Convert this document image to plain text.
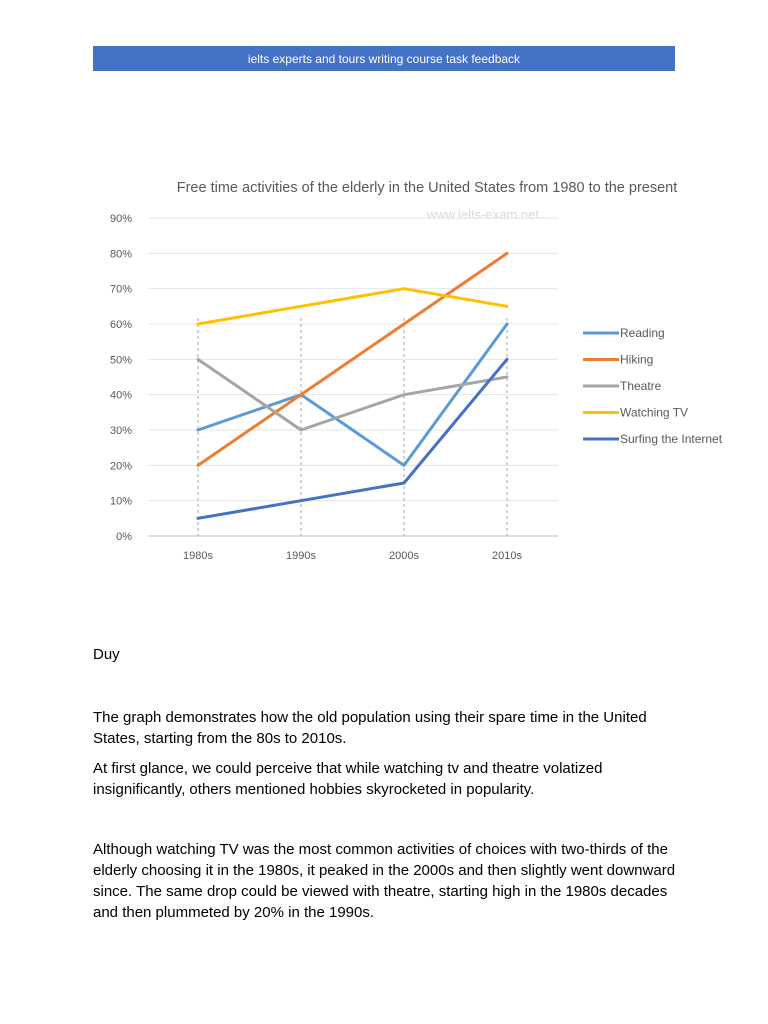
ielts experts and tours writing course task feedback
Free time activities of the elderly in the United States from 1980 to the present
www.ielts-exam.net
0%
10%
20%
30%
40%
50%
60%
70%
80%
90%
1980s	1990s	2000s	2010s
Reading
Hiking
Theatre
Watching TV
Surfing the Internet
Duy

The graph demonstrates how the old population using their spare time in the United States, starting from the 80s to 2010s.

At first glance, we could perceive that while watching tv and theatre volatized insignificantly, others mentioned hobbies skyrocketed in popularity.

Although watching TV was the most common activities of choices with two-thirds of the elderly choosing it in the 1980s, it peaked in the 2000s and then slightly went downward since. The same drop could be viewed with theatre, starting high in the 1980s decades and then plummeted by 20% in the 1990s.
